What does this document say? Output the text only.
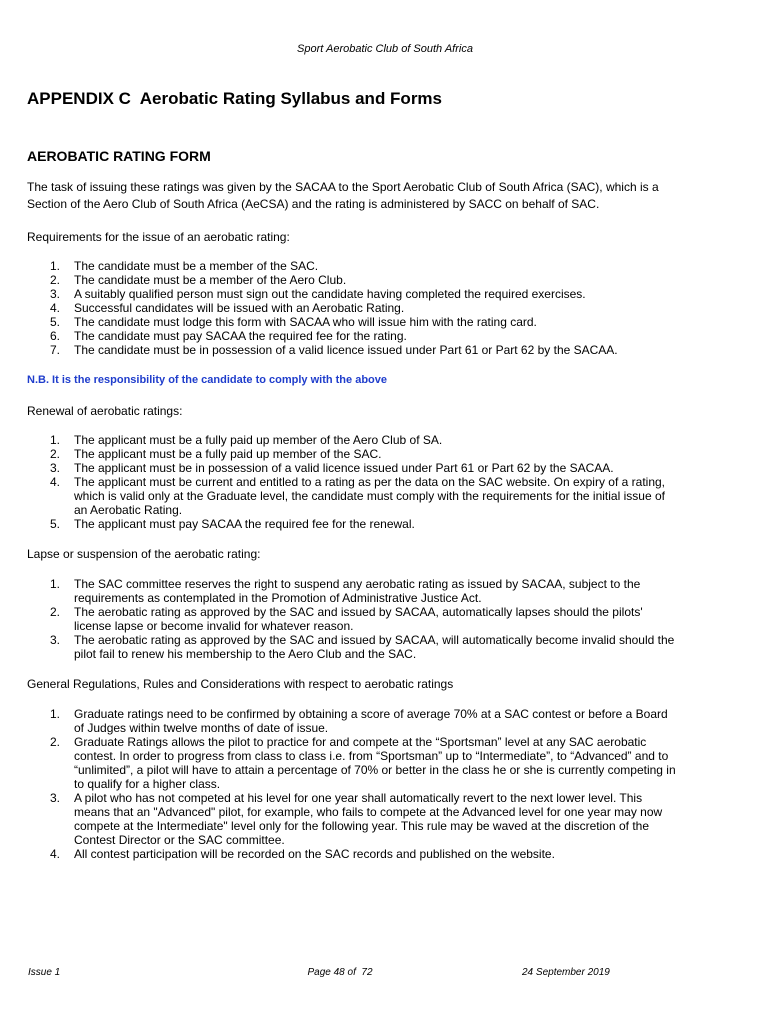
Sport Aerobatic Club of South Africa
APPENDIX C  Aerobatic Rating Syllabus and Forms
AEROBATIC RATING FORM

The task of issuing these ratings was given by the SACAA to the Sport Aerobatic Club of South Africa (SAC), which is a Section of the Aero Club of South Africa (AeCSA) and the rating is administered by SACC on behalf of SAC.

Requirements for the issue of an aerobatic rating:

1. The candidate must be a member of the SAC.
2. The candidate must be a member of the Aero Club.
3. A suitably qualified person must sign out the candidate having completed the required exercises.
4. Successful candidates will be issued with an Aerobatic Rating.
5. The candidate must lodge this form with SACAA who will issue him with the rating card.
6. The candidate must pay SACAA the required fee for the rating.
7. The candidate must be in possession of a valid licence issued under Part 61 or Part 62 by the SACAA.

N.B. It is the responsibility of the candidate to comply with the above

Renewal of aerobatic ratings:

1. The applicant must be a fully paid up member of the Aero Club of SA.
2. The applicant must be a fully paid up member of the SAC.
3. The applicant must be in possession of a valid licence issued under Part 61 or Part 62 by the SACAA.
4. The applicant must be current and entitled to a rating as per the data on the SAC website. On expiry of a rating, which is valid only at the Graduate level, the candidate must comply with the requirements for the initial issue of an Aerobatic Rating.
5. The applicant must pay SACAA the required fee for the renewal.

Lapse or suspension of the aerobatic rating:

1. The SAC committee reserves the right to suspend any aerobatic rating as issued by SACAA, subject to the requirements as contemplated in the Promotion of Administrative Justice Act.
2. The aerobatic rating as approved by the SAC and issued by SACAA, automatically lapses should the pilots' license lapse or become invalid for whatever reason.
3. The aerobatic rating as approved by the SAC and issued by SACAA, will automatically become invalid should the pilot fail to renew his membership to the Aero Club and the SAC.

General Regulations, Rules and Considerations with respect to aerobatic ratings

1. Graduate ratings need to be confirmed by obtaining a score of average 70% at a SAC contest or before a Board of Judges within twelve months of date of issue.
2. Graduate Ratings allows the pilot to practice for and compete at the “Sportsman” level at any SAC aerobatic contest. In order to progress from class to class i.e. from “Sportsman” up to “Intermediate”, to “Advanced” and to “unlimited”, a pilot will have to attain a percentage of 70% or better in the class he or she is currently competing in to qualify for a higher class.
3. A pilot who has not competed at his level for one year shall automatically revert to the next lower level. This means that an "Advanced" pilot, for example, who fails to compete at the Advanced level for one year may now compete at the Intermediate" level only for the following year. This rule may be waved at the discretion of the Contest Director or the SAC committee.
4. All contest participation will be recorded on the SAC records and published on the website.
Issue 1	Page 48 of  72	24 September 2019
